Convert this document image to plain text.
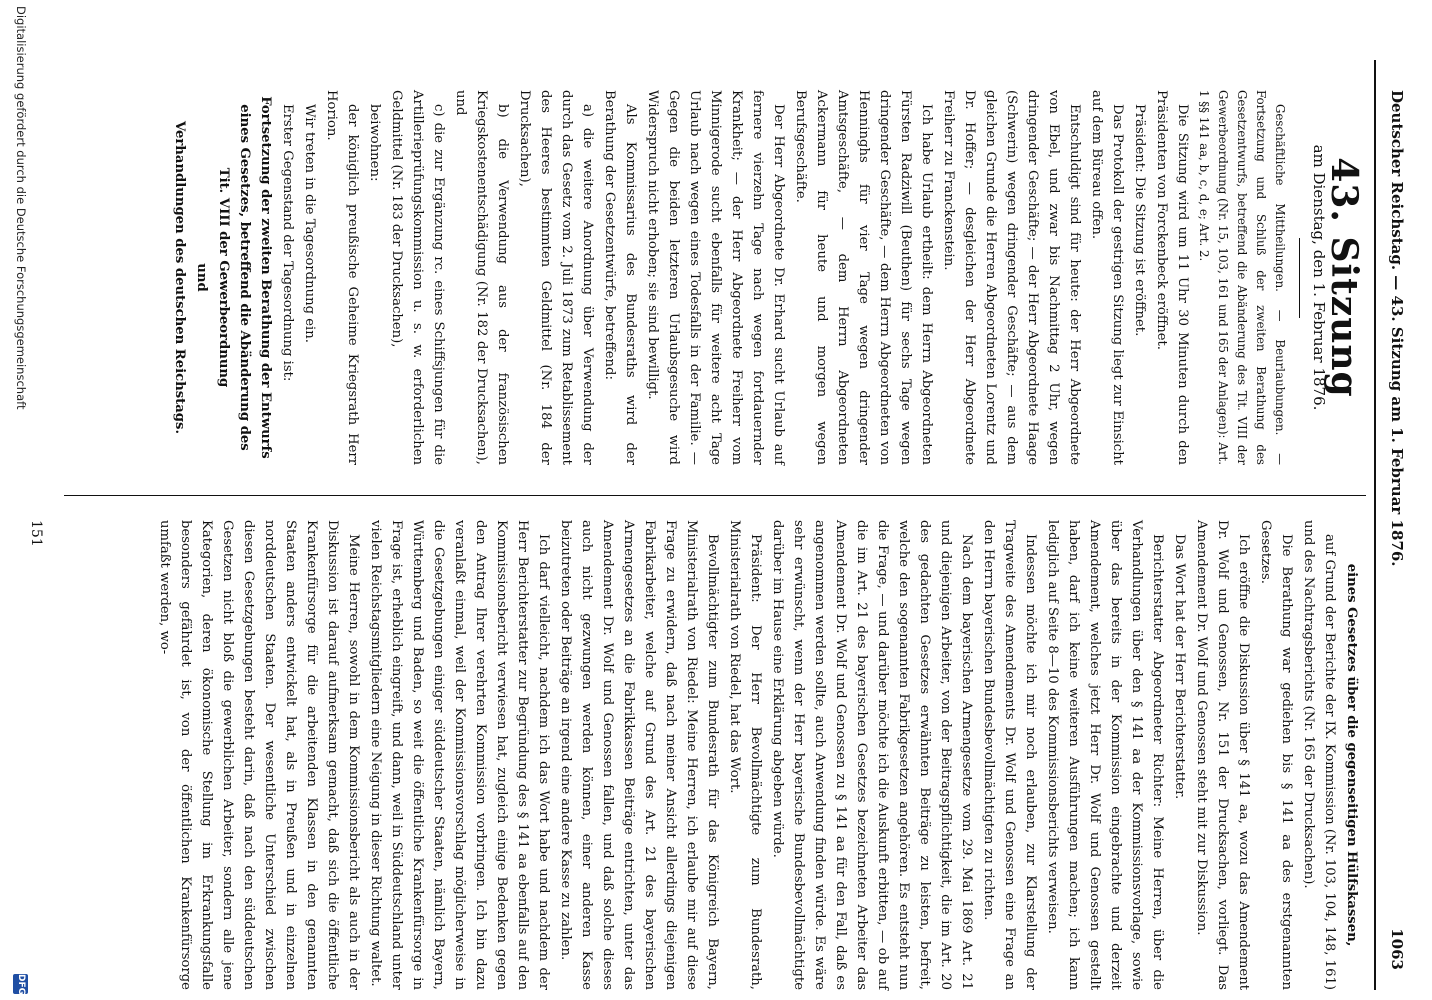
Deutscher Reichstag. — 43. Sitzung am 1. Februar 1876.
1063
43. Sitzung
am Dienstag, den 1. Februar 1876.

Geschäftliche Mittheilungen. — Beurlaubungen. — Fortsetzung und Schluß der zweiten Berathung des Gesetzentwurfs, betreffend die Abänderung des Tit. VIII der Gewerbeordnung (Nr. 15, 103, 161 und 165 der Anlagen): Art. 1 §§ 141 aa, b, c, d, e; Art. 2.

Die Sitzung wird um 11 Uhr 30 Minuten durch den Präsidenten von Forckenbeck eröffnet.

Präsident: Die Sitzung ist eröffnet.

Das Protokoll der gestrigen Sitzung liegt zur Einsicht auf dem Büreau offen.

Entschuldigt sind für heute: der Herr Abgeordnete von Ebel, und zwar bis Nachmittag 2 Uhr, wegen dringender Geschäfte; — der Herr Abgeordnete Haage (Schwerin) wegen dringender Geschäfte; — aus dem gleichen Grunde die Herren Abgeordneten Lorentz und Dr. Hoffer; — desgleichen der Herr Abgeordnete Freiherr zu Franckenstein.

Ich habe Urlaub ertheilt: dem Herrn Abgeordneten Fürsten Radziwill (Beuthen) für sechs Tage wegen dringender Geschäfte, — dem Herrn Abgeordneten von Henninghs für vier Tage wegen dringender Amtsgeschäfte, — dem Herrn Abgeordneten Ackermann für heute und morgen wegen Berufsgeschäfte.

Der Herr Abgeordnete Dr. Erhard sucht Urlaub auf fernere vierzehn Tage nach wegen fortdauernder Krankheit; — der Herr Abgeordnete Freiherr vom Minnigerode sucht ebenfalls für weitere acht Tage Urlaub nach wegen eines Todesfalls in der Familie. — Gegen die beiden letzteren Urlaubsgesuche wird Widerspruch nicht erhoben; sie sind bewilligt.

Als Kommissarius des Bundesraths wird der Berathung der Gesetzentwürfe, betreffend:

a) die weitere Anordnung über Verwendung der durch das Gesetz vom 2. Juli 1873 zum Retablissement des Heeres bestimmten Geldmittel (Nr. 184 der Drucksachen),

b) die Verwendung aus der französischen Kriegskostenentschädigung (Nr. 182 der Drucksachen), und

c) die zur Ergänzung rc. eines Schiffsjungen für die Artillerieprüfungskommission u. s. w. erforderlichen Geldmittel (Nr. 183 der Drucksachen),

beiwohnen:

der königlich preußische Geheime Kriegsrath Herr Horion.

Wir treten in die Tagesordnung ein.

Erster Gegenstand der Tagesordnung ist:

Fortsetzung der zweiten Berathung der Entwurfs eines Gesetzes, betreffend die Abänderung des Tit. VIII der Gewerbeordnung

und

Verhandlungen des deutschen Reichstags.

eines Gesetzes über die gegenseitigen Hülfskassen,

auf Grund der Berichte der IX. Kommission (Nr. 103, 104, 148, 161) und des Nachtragsberichts (Nr. 165 der Drucksachen).

Die Berathung war gediehen bis § 141 aa des erstgenannten Gesetzes.

Ich eröffne die Diskussion über § 141 aa, wozu das Amendement Dr. Wolf und Genossen, Nr. 151 der Drucksachen, vorliegt. Das Amendement Dr. Wolf und Genossen steht mit zur Diskussion.

Das Wort hat der Herr Berichterstatter.

Berichterstatter Abgeordneter Richter: Meine Herren, über die Verhandlungen über den § 141 aa der Kommissionsvorlage, sowie über das bereits in der Kommission eingebrachte und derzeit Amendement, welches jetzt Herr Dr. Wolf und Genossen gestellt haben, darf ich keine weiteren Ausführungen machen; ich kann lediglich auf Seite 8—10 des Kommissionsberichts verweisen.

Indessen möchte ich mir noch erlauben, zur Klarstellung der Tragweite des Amendements Dr. Wolf und Genossen eine Frage an den Herrn bayerischen Bundesbevollmächtigten zu richten.

Nach dem bayerischen Armengesetze vom 29. Mai 1869 Art. 21 und diejenigen Arbeiter, von der Beitragspflichtigkeit, die im Art. 20 des gedachten Gesetzes erwähnten Beiträge zu leisten, befreit, welche den sogenannten Fabrikgesetzen angehören. Es entsteht nun die Frage, — und darüber möchte ich die Auskunft erbitten, — ob auf die im Art. 21 des bayerischen Gesetzes bezeichneten Arbeiter das Amendement Dr. Wolf und Genossen zu § 141 aa für den Fall, daß es angenommen werden sollte, auch Anwendung finden würde. Es wäre sehr erwünscht, wenn der Herr bayerische Bundesbevollmächtigte darüber im Hause eine Erklärung abgeben würde.

Präsident: Der Herr Bevollmächtigte zum Bundesrath, Ministerialrath von Riedel, hat das Wort.

Bevollmächtigter zum Bundesrath für das Königreich Bayern, Ministerialrath von Riedel: Meine Herren, ich erlaube mir auf diese Frage zu erwidern, daß nach meiner Ansicht allerdings diejenigen Fabrikarbeiter, welche auf Grund des Art. 21 des bayerischen Armengesetzes an die Fabrikkassen Beiträge entrichten, unter das Amendement Dr. Wolf und Genossen fallen, und daß solche dieses auch nicht gezwungen werden können, einer anderen Kasse beizutreten oder Beiträge an irgend eine andere Kasse zu zahlen.

Ich darf vielleicht, nachdem ich das Wort habe und nachdem der Herr Berichterstatter zur Begründung des § 141 aa ebenfalls auf den Kommissionsbericht verwiesen hat, zugleich einige Bedenken gegen den Antrag Ihrer verehrten Kommission vorbringen. Ich bin dazu veranlaßt einmal, weil der Kommissionsvorschlag möglicherweise in die Gesetzgebungen einiger süddeutscher Staaten, nämlich Bayern, Württemberg und Baden, so weit die öffentliche Krankenfürsorge in Frage ist, erheblich eingreift, und dann, weil in Süddeutschland unter vielen Reichstagsmitgliedern eine Neigung in dieser Richtung waltet.

Meine Herren, sowohl in dem Kommissionsbericht als auch in der Diskussion ist darauf aufmerksam gemacht, daß sich die öffentliche Krankenfürsorge für die arbeitenden Klassen in den genannten Staaten anders entwickelt hat, als in Preußen und in einzelnen norddeutschen Staaten. Der wesentliche Unterschied zwischen diesen Gesetzgebungen besteht darin, daß nach den süddeutschen Gesetzen nicht bloß die gewerblichen Arbeiter, sondern alle jene Kategorien, deren ökonomische Stellung im Erkrankungsfalle besonders gefährdet ist, von der öffentlichen Krankenfürsorge umfaßt werden, wo-

151
Digitalisierung gefördert durch die Deutsche Forschungsgemeinschaft
DFG
